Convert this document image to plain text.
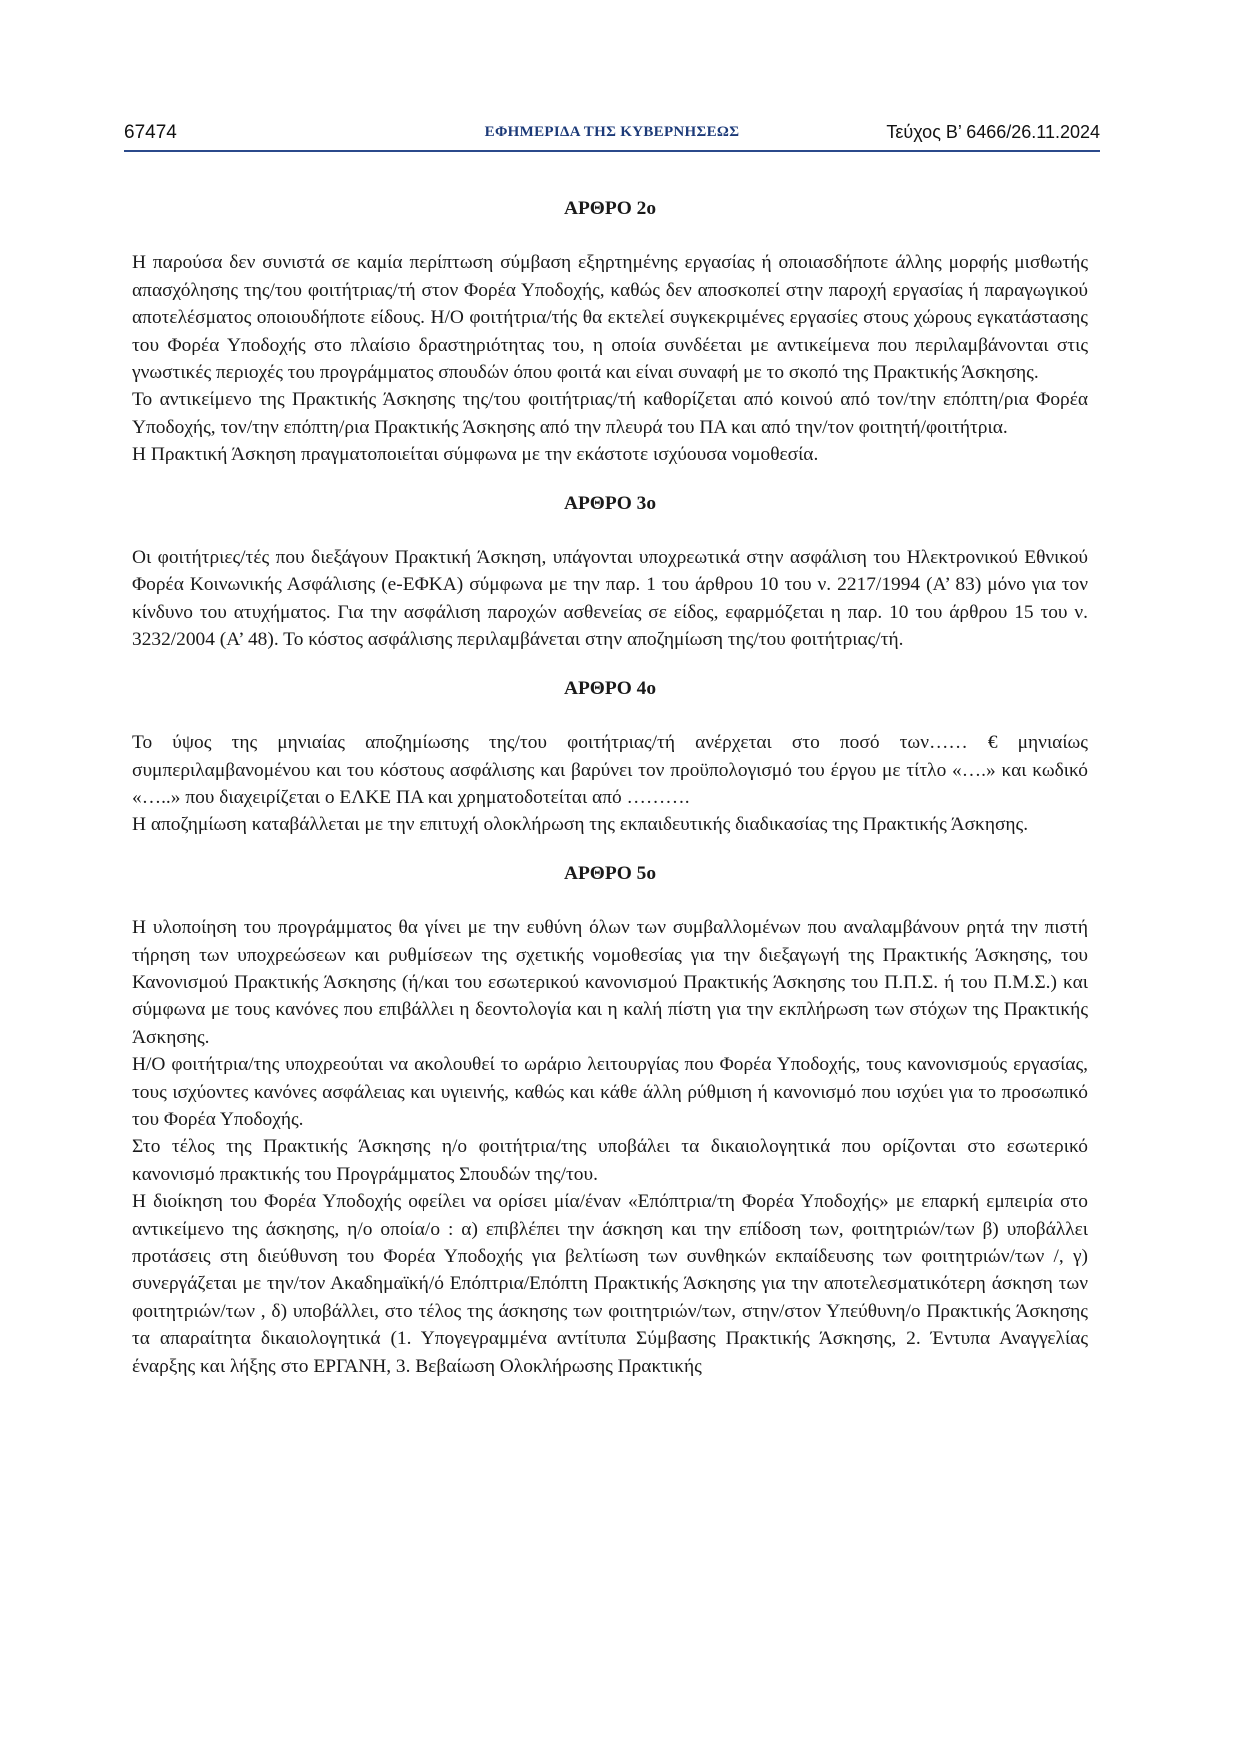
67474	ΕΦΗΜΕΡΙΔΑ ΤΗΣ ΚΥΒΕΡΝΗΣΕΩΣ	Τεύχος Β’ 6466/26.11.2024

ΑΡΘΡΟ 2ο

Η παρούσα δεν συνιστά σε καμία περίπτωση σύμβαση εξηρτημένης εργασίας ή οποιασδήποτε άλλης μορφής μισθωτής απασχόλησης της/του φοιτήτριας/τή στον Φορέα Υποδοχής, καθώς δεν αποσκοπεί στην παροχή εργασίας ή παραγωγικού αποτελέσματος οποιουδήποτε είδους. Η/Ο φοιτήτρια/τής θα εκτελεί συγκεκριμένες εργασίες στους χώρους εγκατάστασης του Φορέα Υποδοχής στο πλαίσιο δραστηριότητας του, η οποία συνδέεται με αντικείμενα που περιλαμβάνονται στις γνωστικές περιοχές του προγράμματος σπουδών όπου φοιτά και είναι συναφή με το σκοπό της Πρακτικής Άσκησης.

Το αντικείμενο της Πρακτικής Άσκησης της/του φοιτήτριας/τή καθορίζεται από κοινού από τον/την επόπτη/ρια Φορέα Υποδοχής, τον/την επόπτη/ρια Πρακτικής Άσκησης από την πλευρά του ΠΑ και από την/τον φοιτητή/φοιτήτρια.

Η Πρακτική Άσκηση πραγματοποιείται σύμφωνα με την εκάστοτε ισχύουσα νομοθεσία.

ΑΡΘΡΟ 3ο

Οι φοιτήτριες/τές που διεξάγουν Πρακτική Άσκηση, υπάγονται υποχρεωτικά στην ασφάλιση του Ηλεκτρονικού Εθνικού Φορέα Κοινωνικής Ασφάλισης (e-ΕΦΚΑ) σύμφωνα με την παρ. 1 του άρθρου 10 του ν. 2217/1994 (Α’ 83) μόνο για τον κίνδυνο του ατυχήματος. Για την ασφάλιση παροχών ασθενείας σε είδος, εφαρμόζεται η παρ. 10 του άρθρου 15 του ν. 3232/2004 (Α’ 48). Το κόστος ασφάλισης περιλαμβάνεται στην αποζημίωση της/του φοιτήτριας/τή.

ΑΡΘΡΟ 4ο

Το ύψος της μηνιαίας αποζημίωσης της/του φοιτήτριας/τή ανέρχεται στο ποσό των…… € μηνιαίως συμπεριλαμβανομένου και του κόστους ασφάλισης και βαρύνει τον προϋπολογισμό του έργου με τίτλο «….» και κωδικό «…..» που διαχειρίζεται ο ΕΛΚΕ ΠΑ και χρηματοδοτείται από ……….

Η αποζημίωση καταβάλλεται με την επιτυχή ολοκλήρωση της εκπαιδευτικής διαδικασίας της Πρακτικής Άσκησης.

ΑΡΘΡΟ 5ο

Η υλοποίηση του προγράμματος θα γίνει με την ευθύνη όλων των συμβαλλομένων που αναλαμβάνουν ρητά την πιστή τήρηση των υποχρεώσεων και ρυθμίσεων της σχετικής νομοθεσίας για την διεξαγωγή της Πρακτικής Άσκησης, του Κανονισμού Πρακτικής Άσκησης (ή/και του εσωτερικού κανονισμού Πρακτικής Άσκησης του Π.Π.Σ. ή του Π.Μ.Σ.) και σύμφωνα με τους κανόνες που επιβάλλει η δεοντολογία και η καλή πίστη για την εκπλήρωση των στόχων της Πρακτικής Άσκησης.

Η/Ο φοιτήτρια/της υποχρεούται να ακολουθεί το ωράριο λειτουργίας που Φορέα Υποδοχής, τους κανονισμούς εργασίας, τους ισχύοντες κανόνες ασφάλειας και υγιεινής, καθώς και κάθε άλλη ρύθμιση ή κανονισμό που ισχύει για το προσωπικό του Φορέα Υποδοχής.

Στο τέλος της Πρακτικής Άσκησης η/ο φοιτήτρια/της υποβάλει τα δικαιολογητικά που ορίζονται στο εσωτερικό κανονισμό πρακτικής του Προγράμματος Σπουδών της/του.

Η διοίκηση του Φορέα Υποδοχής οφείλει να ορίσει μία/έναν «Επόπτρια/τη Φορέα Υποδοχής» με επαρκή εμπειρία στο αντικείμενο της άσκησης, η/ο οποία/ο : α) επιβλέπει την άσκηση και την επίδοση των, φοιτητριών/των β) υποβάλλει προτάσεις στη διεύθυνση του Φορέα Υποδοχής για βελτίωση των συνθηκών εκπαίδευσης των φοιτητριών/των /, γ) συνεργάζεται με την/τον Ακαδημαϊκή/ό Επόπτρια/Επόπτη Πρακτικής Άσκησης για την αποτελεσματικότερη άσκηση των φοιτητριών/των , δ) υποβάλλει, στο τέλος της άσκησης των φοιτητριών/των, στην/στον Υπεύθυνη/ο Πρακτικής Άσκησης τα απαραίτητα δικαιολογητικά (1. Υπογεγραμμένα αντίτυπα Σύμβασης Πρακτικής Άσκησης, 2. Έντυπα Αναγγελίας έναρξης και λήξης στο ΕΡΓΑΝΗ, 3. Βεβαίωση Ολοκλήρωσης Πρακτικής
